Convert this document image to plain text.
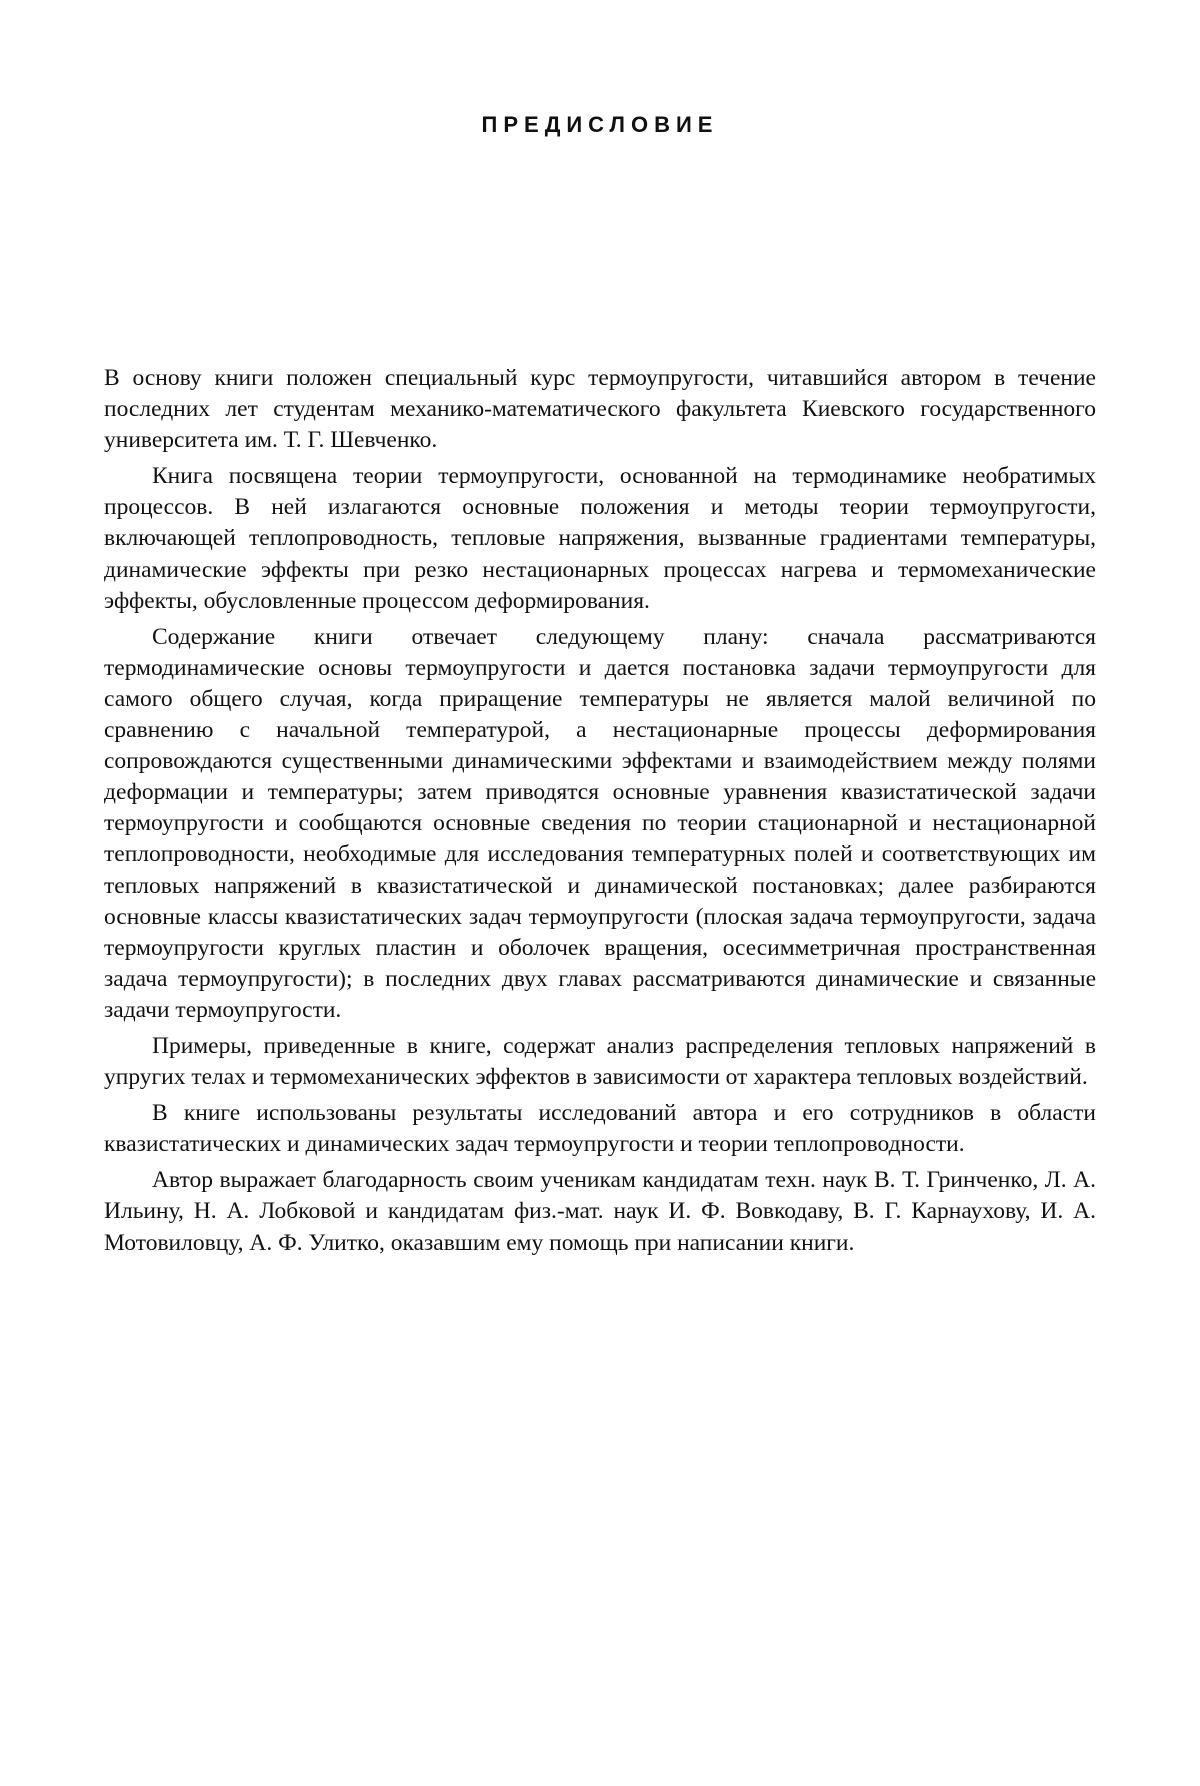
ПРЕДИСЛОВИЕ

В основу книги положен специальный курс термоупругости, читавшийся автором в течение последних лет студентам механико-математического факультета Киевского государственного университета им. Т. Г. Шевченко.

Книга посвящена теории термоупругости, основанной на термодинамике необратимых процессов. В ней излагаются основные положения и методы теории термоупругости, включающей теплопроводность, тепловые напряжения, вызванные градиентами температуры, динамические эффекты при резко нестационарных процессах нагрева и термомеханические эффекты, обусловленные процессом деформирования.

Содержание книги отвечает следующему плану: сначала рассматриваются термодинамические основы термоупругости и дается постановка задачи термоупругости для самого общего случая, когда приращение температуры не является малой величиной по сравнению с начальной температурой, а нестационарные процессы деформирования сопровождаются существенными динамическими эффектами и взаимодействием между полями деформации и температуры; затем приводятся основные уравнения квазистатической задачи термоупругости и сообщаются основные сведения по теории стационарной и нестационарной теплопроводности, необходимые для исследования температурных полей и соответствующих им тепловых напряжений в квазистатической и динамической постановках; далее разбираются основные классы квазистатических задач термоупругости (плоская задача термоупругости, задача термоупругости круглых пластин и оболочек вращения, осесимметричная пространственная задача термоупругости); в последних двух главах рассматриваются динамические и связанные задачи термоупругости.

Примеры, приведенные в книге, содержат анализ распределения тепловых напряжений в упругих телах и термомеханических эффектов в зависимости от характера тепловых воздействий.

В книге использованы результаты исследований автора и его сотрудников в области квазистатических и динамических задач термоупругости и теории теплопроводности.

Автор выражает благодарность своим ученикам кандидатам техн. наук В. Т. Гринченко, Л. А. Ильину, Н. А. Лобковой и кандидатам физ.-мат. наук И. Ф. Вовкодаву, В. Г. Карнаухову, И. А. Мотовиловцу, А. Ф. Улитко, оказавшим ему помощь при написании книги.
